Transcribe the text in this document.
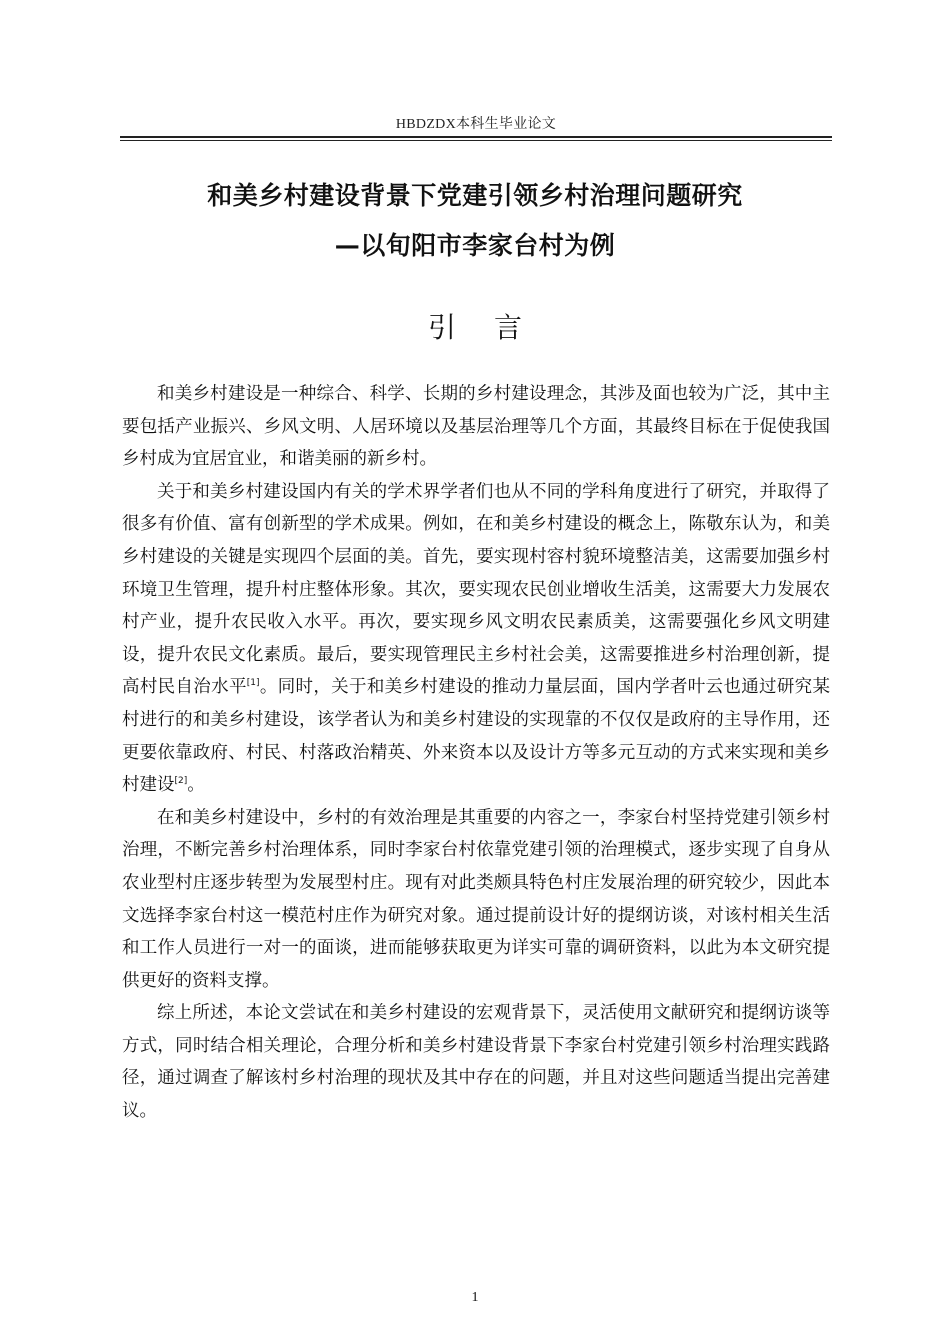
HBDZDX本科生毕业论文
和美乡村建设背景下党建引领乡村治理问题研究
—以旬阳市李家台村为例
引言

和美乡村建设是一种综合、科学、长期的乡村建设理念，其涉及面也较为广泛，其中主要包括产业振兴、乡风文明、人居环境以及基层治理等几个方面，其最终目标在于促使我国乡村成为宜居宜业，和谐美丽的新乡村。

关于和美乡村建设国内有关的学术界学者们也从不同的学科角度进行了研究，并取得了很多有价值、富有创新型的学术成果。例如，在和美乡村建设的概念上，陈敬东认为，和美乡村建设的关键是实现四个层面的美。首先，要实现村容村貌环境整洁美，这需要加强乡村环境卫生管理，提升村庄整体形象。其次，要实现农民创业增收生活美，这需要大力发展农村产业，提升农民收入水平。再次，要实现乡风文明农民素质美，这需要强化乡风文明建设，提升农民文化素质。最后，要实现管理民主乡村社会美，这需要推进乡村治理创新，提高村民自治水平[1]。同时，关于和美乡村建设的推动力量层面，国内学者叶云也通过研究某村进行的和美乡村建设，该学者认为和美乡村建设的实现靠的不仅仅是政府的主导作用，还更要依靠政府、村民、村落政治精英、外来资本以及设计方等多元互动的方式来实现和美乡村建设[2]。

在和美乡村建设中，乡村的有效治理是其重要的内容之一，李家台村坚持党建引领乡村治理，不断完善乡村治理体系，同时李家台村依靠党建引领的治理模式，逐步实现了自身从农业型村庄逐步转型为发展型村庄。现有对此类颇具特色村庄发展治理的研究较少，因此本文选择李家台村这一模范村庄作为研究对象。通过提前设计好的提纲访谈，对该村相关生活和工作人员进行一对一的面谈，进而能够获取更为详实可靠的调研资料，以此为本文研究提供更好的资料支撑。

综上所述，本论文尝试在和美乡村建设的宏观背景下，灵活使用文献研究和提纲访谈等方式，同时结合相关理论，合理分析和美乡村建设背景下李家台村党建引领乡村治理实践路径，通过调查了解该村乡村治理的现状及其中存在的问题，并且对这些问题适当提出完善建议。

1
